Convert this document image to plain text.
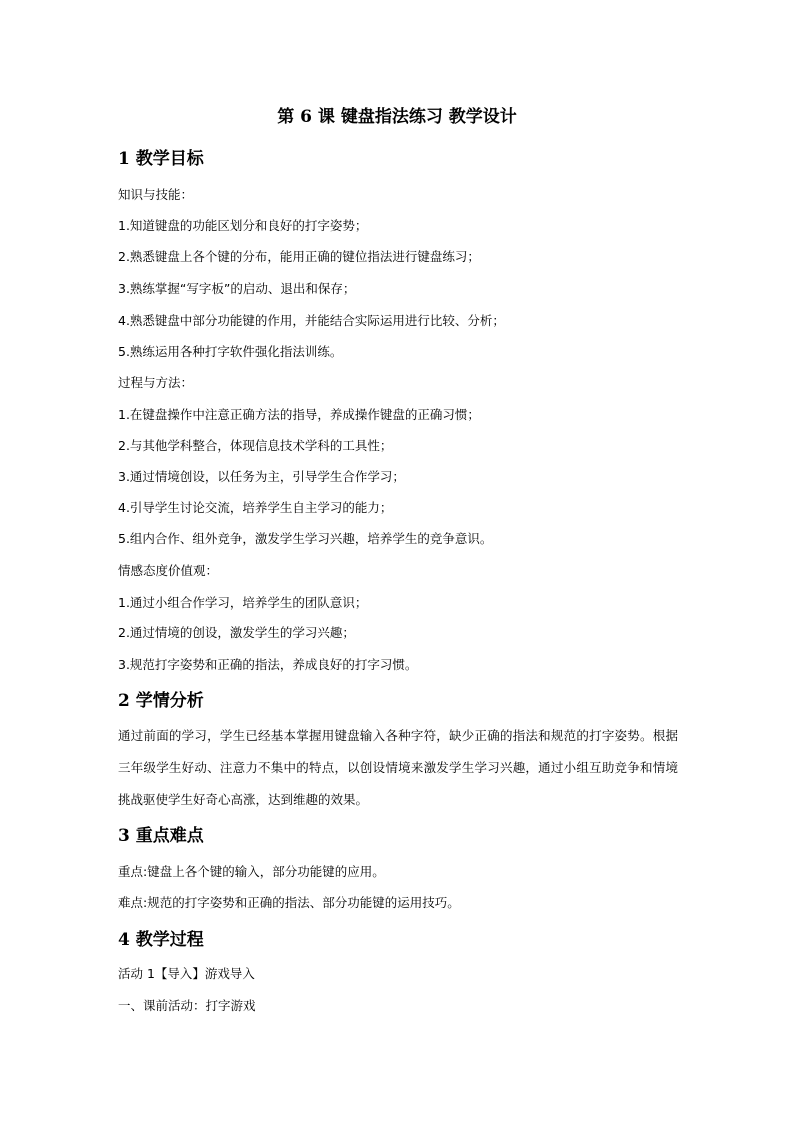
第 6 课 键盘指法练习 教学设计
1 教学目标
知识与技能：
1.知道键盘的功能区划分和良好的打字姿势；
2.熟悉键盘上各个键的分布，能用正确的键位指法进行键盘练习；
3.熟练掌握“写字板”的启动、退出和保存；
4.熟悉键盘中部分功能键的作用，并能结合实际运用进行比较、分析；
5.熟练运用各种打字软件强化指法训练。
过程与方法：
1.在键盘操作中注意正确方法的指导，养成操作键盘的正确习惯；
2.与其他学科整合，体现信息技术学科的工具性；
3.通过情境创设，以任务为主，引导学生合作学习；
4.引导学生讨论交流，培养学生自主学习的能力；
5.组内合作、组外竞争，激发学生学习兴趣，培养学生的竞争意识。
情感态度价值观：
1.通过小组合作学习，培养学生的团队意识；
2.通过情境的创设，激发学生的学习兴趣；
3.规范打字姿势和正确的指法，养成良好的打字习惯。
2 学情分析
通过前面的学习，学生已经基本掌握用键盘输入各种字符，缺少正确的指法和规范的打字姿势。根据三年级学生好动、注意力不集中的特点，以创设情境来激发学生学习兴趣，通过小组互助竞争和情境挑战驱使学生好奇心高涨，达到维趣的效果。
3 重点难点
重点:键盘上各个键的输入，部分功能键的应用。
难点:规范的打字姿势和正确的指法、部分功能键的运用技巧。
4 教学过程
活动 1【导入】游戏导入
一、课前活动：打字游戏
